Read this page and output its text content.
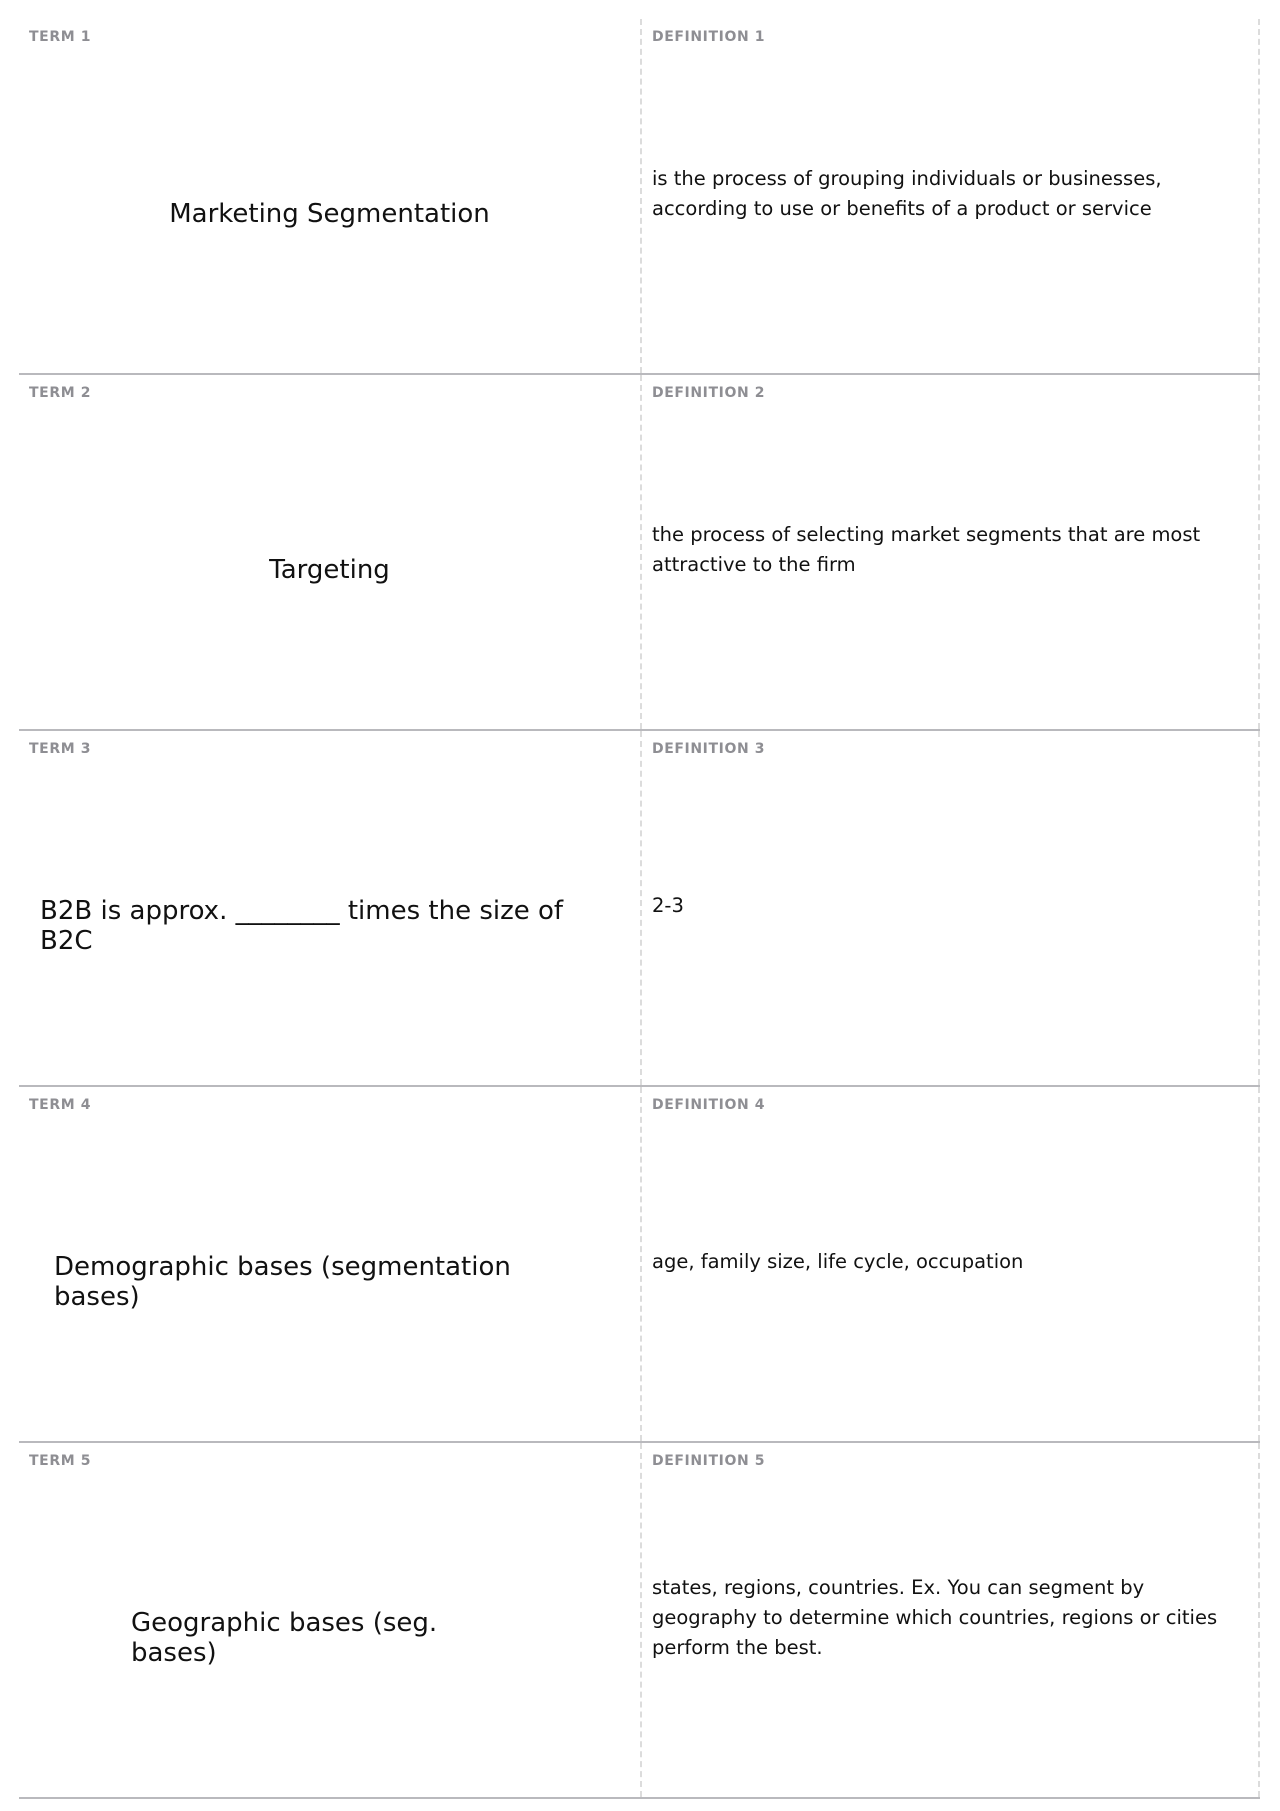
TERM 1
Marketing Segmentation
DEFINITION 1
is the process of grouping individuals or businesses, according to use or benefits of a product or service
TERM 2
Targeting
DEFINITION 2
the process of selecting market segments that are most attractive to the firm
TERM 3
B2B is approx. ________ times the size of B2C
DEFINITION 3
2-3
TERM 4
Demographic bases (segmentation bases)
DEFINITION 4
age, family size, life cycle, occupation
TERM 5
Geographic bases (seg. bases)
DEFINITION 5
states, regions, countries. Ex. You can segment by geography to determine which countries, regions or cities perform the best.
